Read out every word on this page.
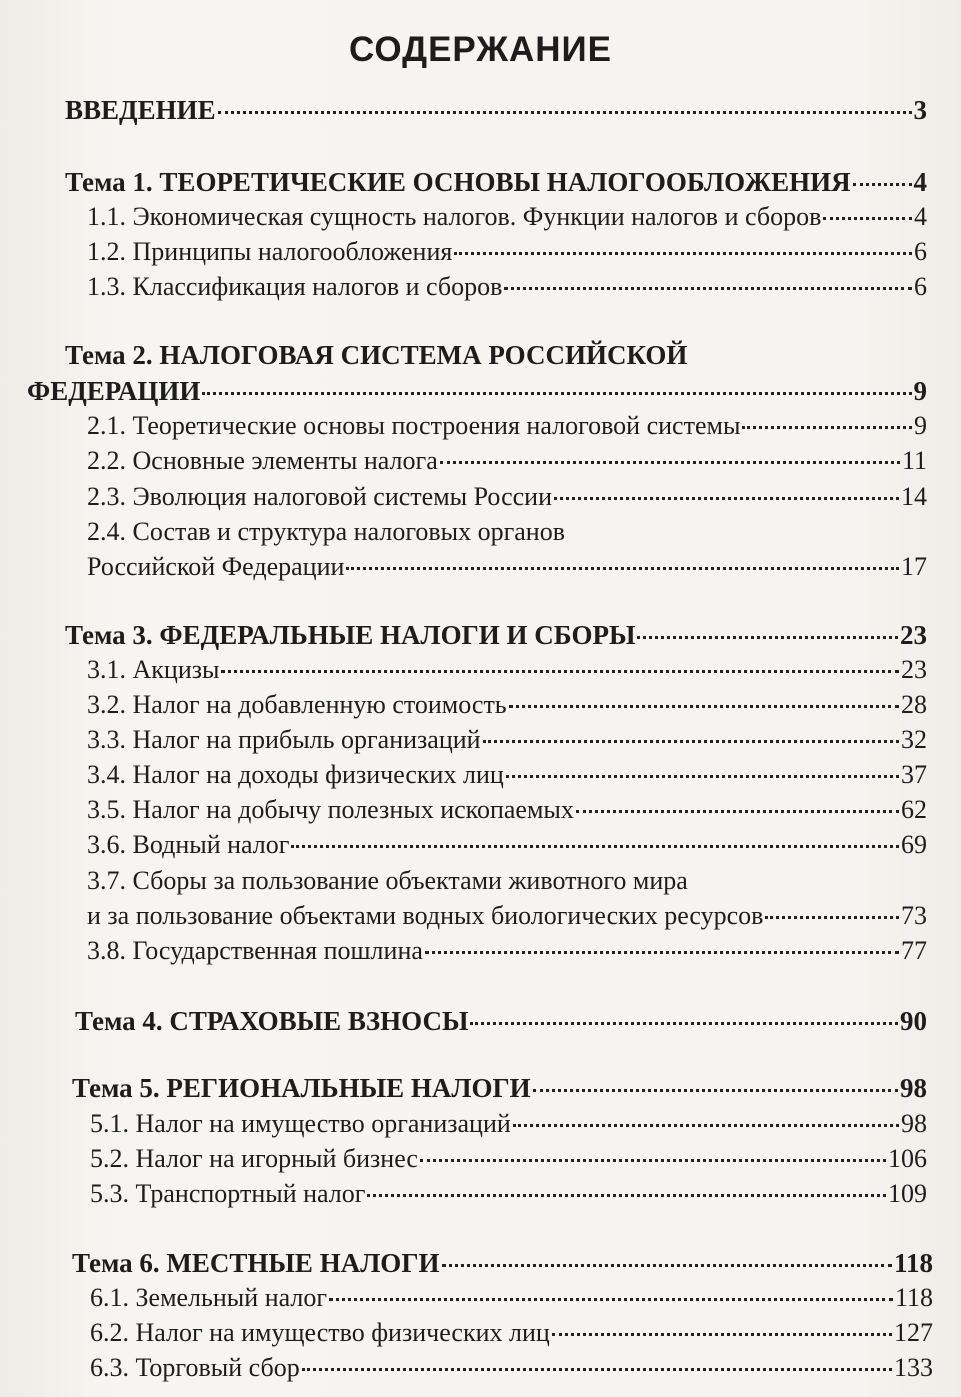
СОДЕРЖАНИЕ
ВВЕДЕНИЕ	3
Тема 1. ТЕОРЕТИЧЕСКИЕ ОСНОВЫ НАЛОГООБЛОЖЕНИЯ 4
1.1. Экономическая сущность налогов. Функции налогов и сборов	4
1.2. Принципы налогообложения	6
1.3. Классификация налогов и сборов	6
Тема 2. НАЛОГОВАЯ СИСТЕМА РОССИЙСКОЙ
ФЕДЕРАЦИИ	9
2.1. Теоретические основы построения налоговой системы	9
2.2. Основные элементы налога	11
2.3. Эволюция налоговой системы России	14
2.4. Состав и структура налоговых органов
Российской Федерации	17
Тема 3. ФЕДЕРАЛЬНЫЕ НАЛОГИ И СБОРЫ	23
3.1. Акцизы	23
3.2. Налог на добавленную стоимость	28
3.3. Налог на прибыль организаций	32
3.4. Налог на доходы физических лиц	37
3.5. Налог на добычу полезных ископаемых	62
3.6. Водный налог	69
3.7. Сборы за пользование объектами животного мира
и за пользование объектами водных биологических ресурсов	73
3.8. Государственная пошлина	77
Тема 4. СТРАХОВЫЕ ВЗНОСЫ	90
Тема 5. РЕГИОНАЛЬНЫЕ НАЛОГИ	98
5.1. Налог на имущество организаций	98
5.2. Налог на игорный бизнес	106
5.3. Транспортный налог	109
Тема 6. МЕСТНЫЕ НАЛОГИ	118
6.1. Земельный налог	118
6.2. Налог на имущество физических лиц	127
6.3. Торговый сбор	133
